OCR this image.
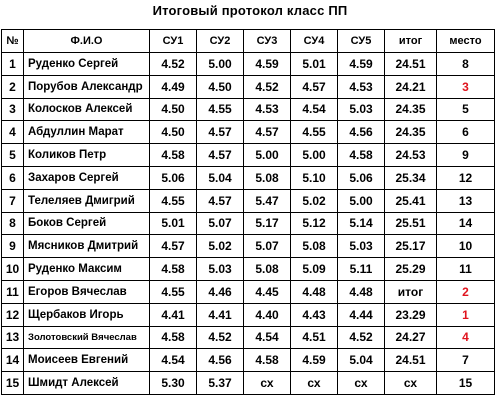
Итоговый протокол класс ПП
№	Ф.И.О	СУ1	СУ2	СУ3	СУ4	СУ5	итог	место
1	Руденко Сергей	4.52	5.00	4.59	5.01	4.59	24.51	8
2	Порубов Александр	4.49	4.50	4.52	4.57	4.53	24.21	3
3	Колосков Алексей	4.50	4.55	4.53	4.54	5.03	24.35	5
4	Абдуллин Марат	4.50	4.57	4.57	4.55	4.56	24.35	6
5	Коликов Петр	4.58	4.57	5.00	5.00	4.58	24.53	9
6	Захаров Сергей	5.06	5.04	5.08	5.10	5.06	25.34	12
7	Телеляев Дмигрий	4.55	4.57	5.47	5.02	5.00	25.41	13
8	Боков Сергей	5.01	5.07	5.17	5.12	5.14	25.51	14
9	Мясников Дмитрий	4.57	5.02	5.07	5.08	5.03	25.17	10
10	Руденко Максим	4.58	5.03	5.08	5.09	5.11	25.29	11
11	Егоров Вячеслав	4.55	4.46	4.45	4.48	4.48	итог	2
12	Щербаков Игорь	4.41	4.41	4.40	4.43	4.44	23.29	1
13	Золотовский Вячеслав	4.58	4.52	4.54	4.51	4.52	24.27	4
14	Моисеев Евгений	4.54	4.56	4.58	4.59	5.04	24.51	7
15	Шмидт Алексей	5.30	5.37	сх	сх	сх	сх	15
